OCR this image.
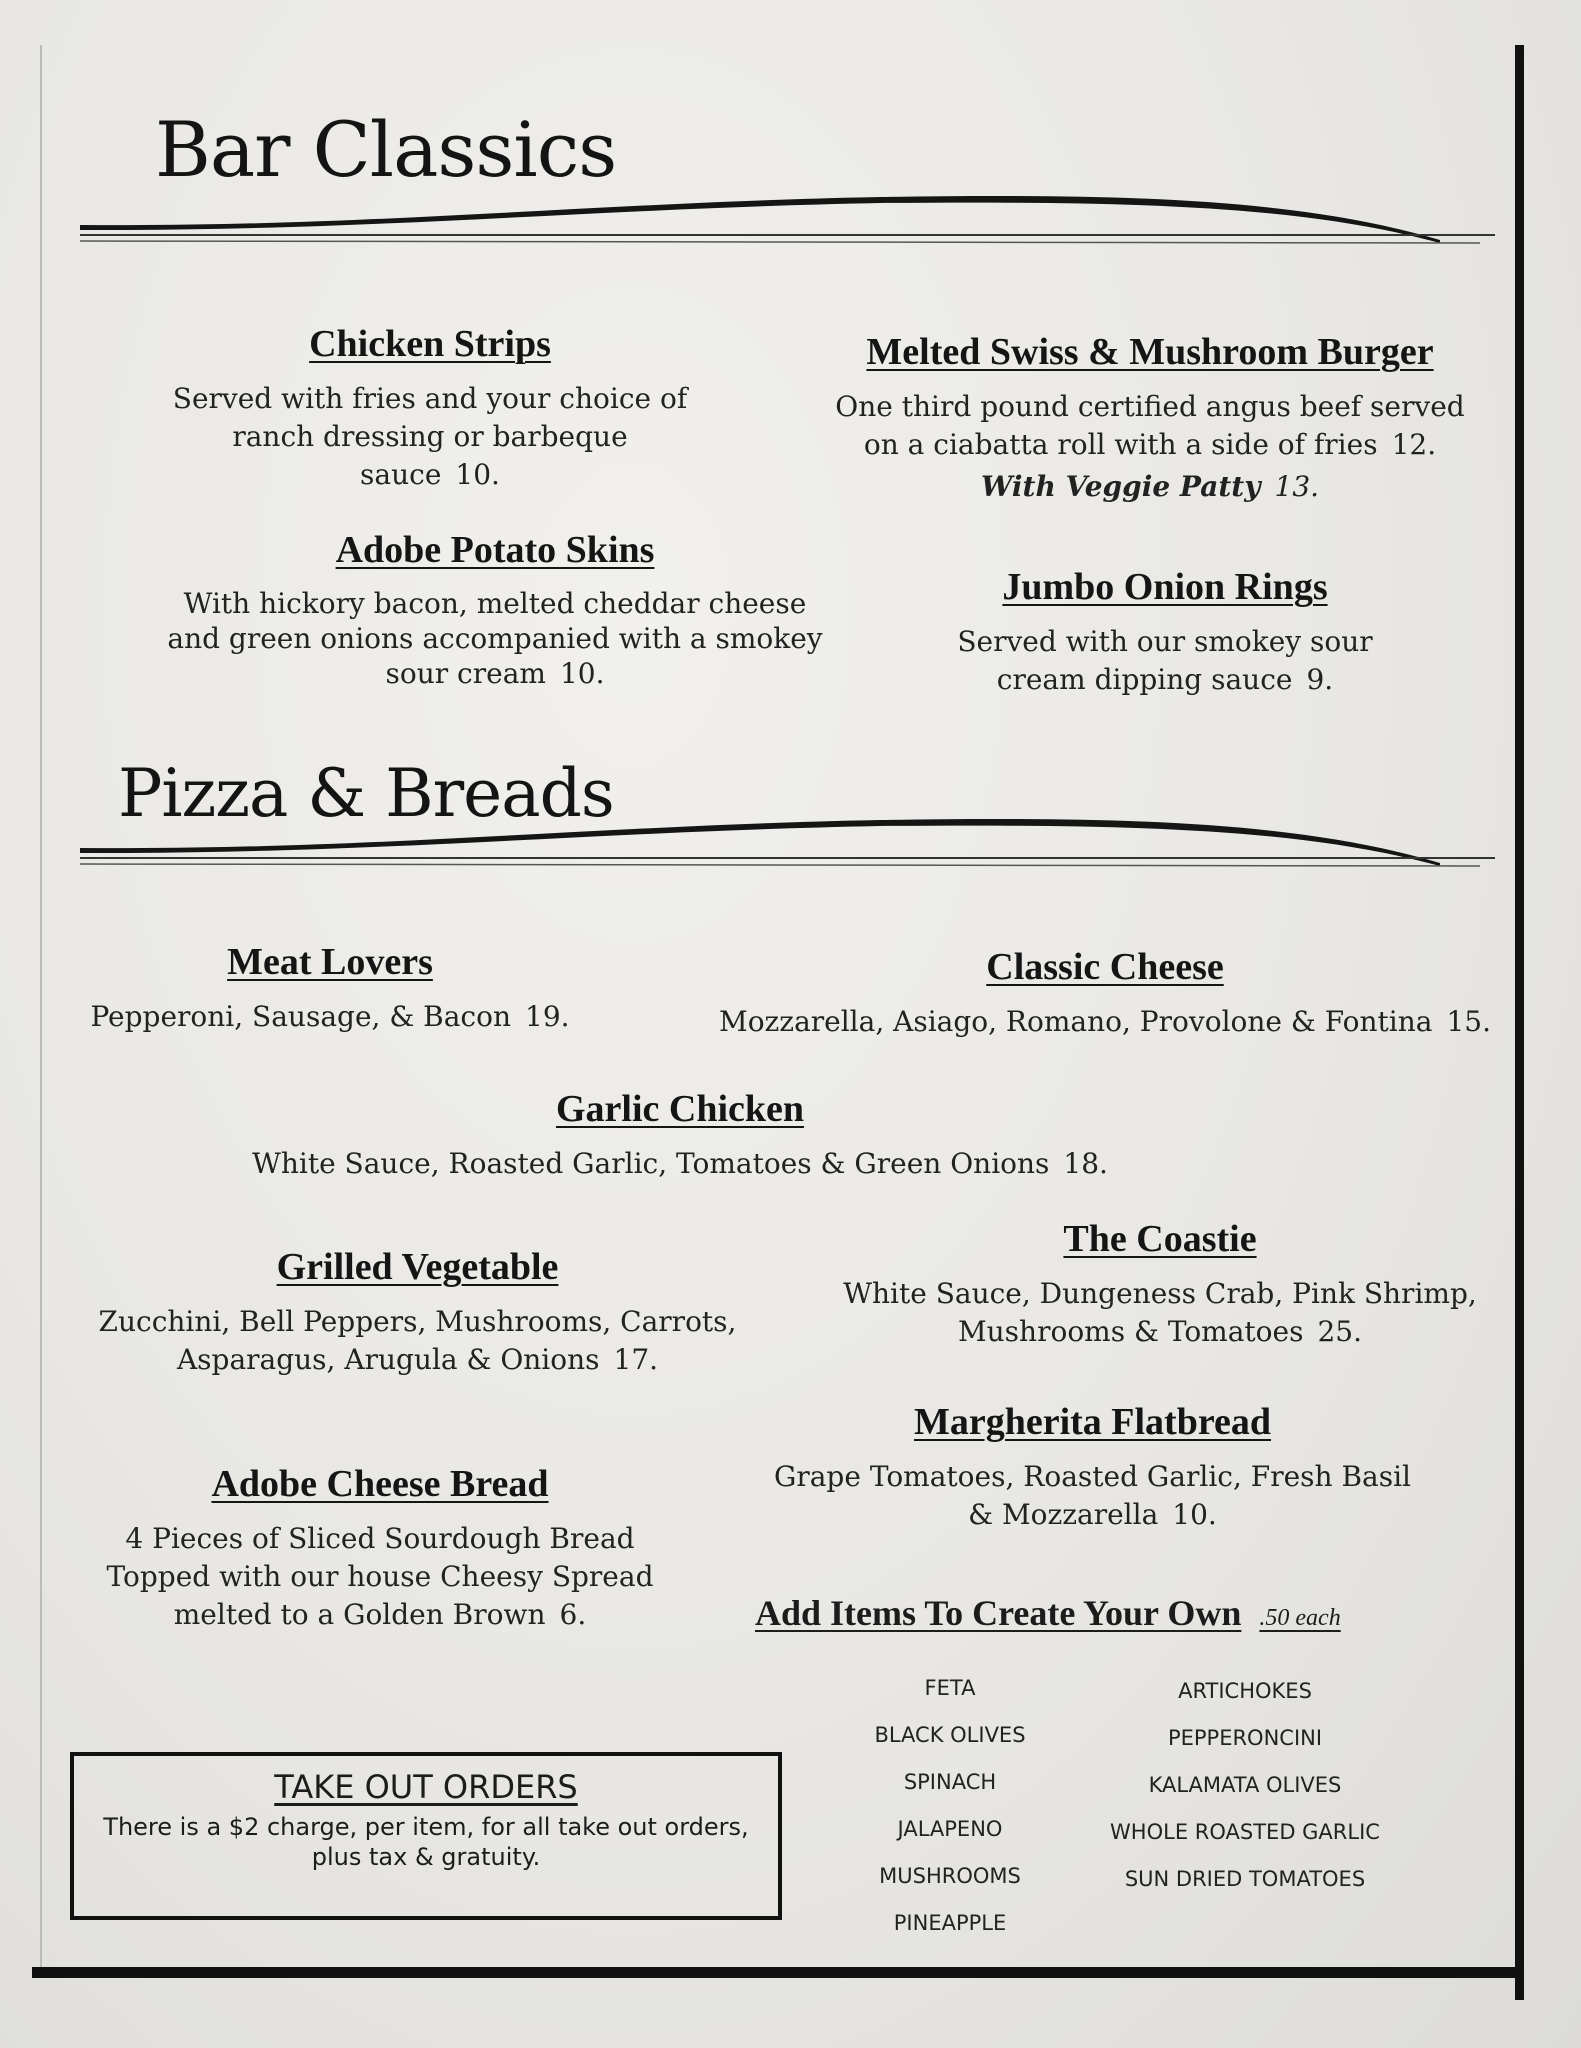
Bar Classics
Chicken Strips

Served with fries and your choice of ranch dressing or barbeque sauce 10.

Melted Swiss & Mushroom Burger

One third pound certified angus beef served on a ciabatta roll with a side of fries 12.

With Veggie Patty 13.

Adobe Potato Skins

With hickory bacon, melted cheddar cheese and green onions accompanied with a smokey sour cream 10.

Jumbo Onion Rings

Served with our smokey sour cream dipping sauce 9.

Pizza & Breads
Meat Lovers

Pepperoni, Sausage, & Bacon 19.

Classic Cheese

Mozzarella, Asiago, Romano, Provolone & Fontina 15.

Garlic Chicken

White Sauce, Roasted Garlic, Tomatoes & Green Onions 18.

Grilled Vegetable

Zucchini, Bell Peppers, Mushrooms, Carrots, Asparagus, Arugula & Onions 17.

The Coastie

White Sauce, Dungeness Crab, Pink Shrimp, Mushrooms & Tomatoes 25.

Margherita Flatbread

Grape Tomatoes, Roasted Garlic, Fresh Basil & Mozzarella 10.

Adobe Cheese Bread

4 Pieces of Sliced Sourdough Bread Topped with our house Cheesy Spread melted to a Golden Brown 6.	Add Items To Create Your Own .50 each
FETA
BLACK OLIVES
SPINACH
JALAPENO
MUSHROOMS
PINEAPPLE
ARTICHOKES
PEPPERONCINI
KALAMATA OLIVES
WHOLE ROASTED GARLIC
SUN DRIED TOMATOES
TAKE OUT ORDERS

There is a $2 charge, per item, for all take out orders, plus tax & gratuity.
